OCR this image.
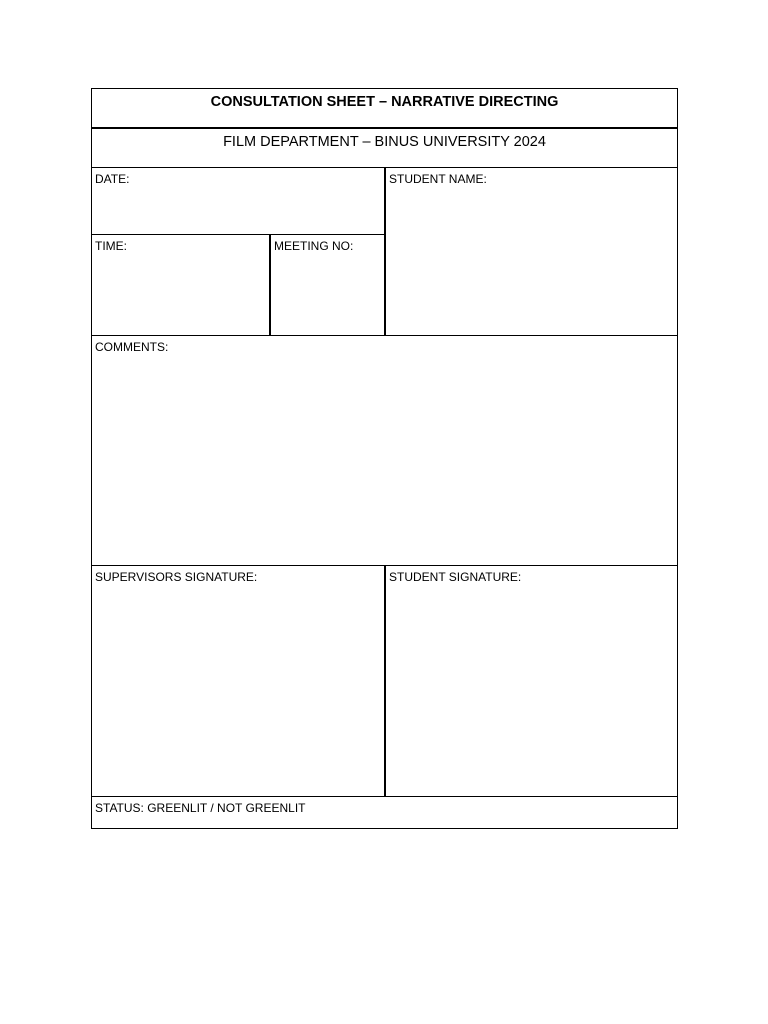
CONSULTATION SHEET – NARRATIVE DIRECTING
FILM DEPARTMENT – BINUS UNIVERSITY 2024
DATE:	STUDENT NAME:
TIME:	MEETING NO:
COMMENTS:
SUPERVISORS SIGNATURE:	STUDENT SIGNATURE:
STATUS: GREENLIT / NOT GREENLIT
